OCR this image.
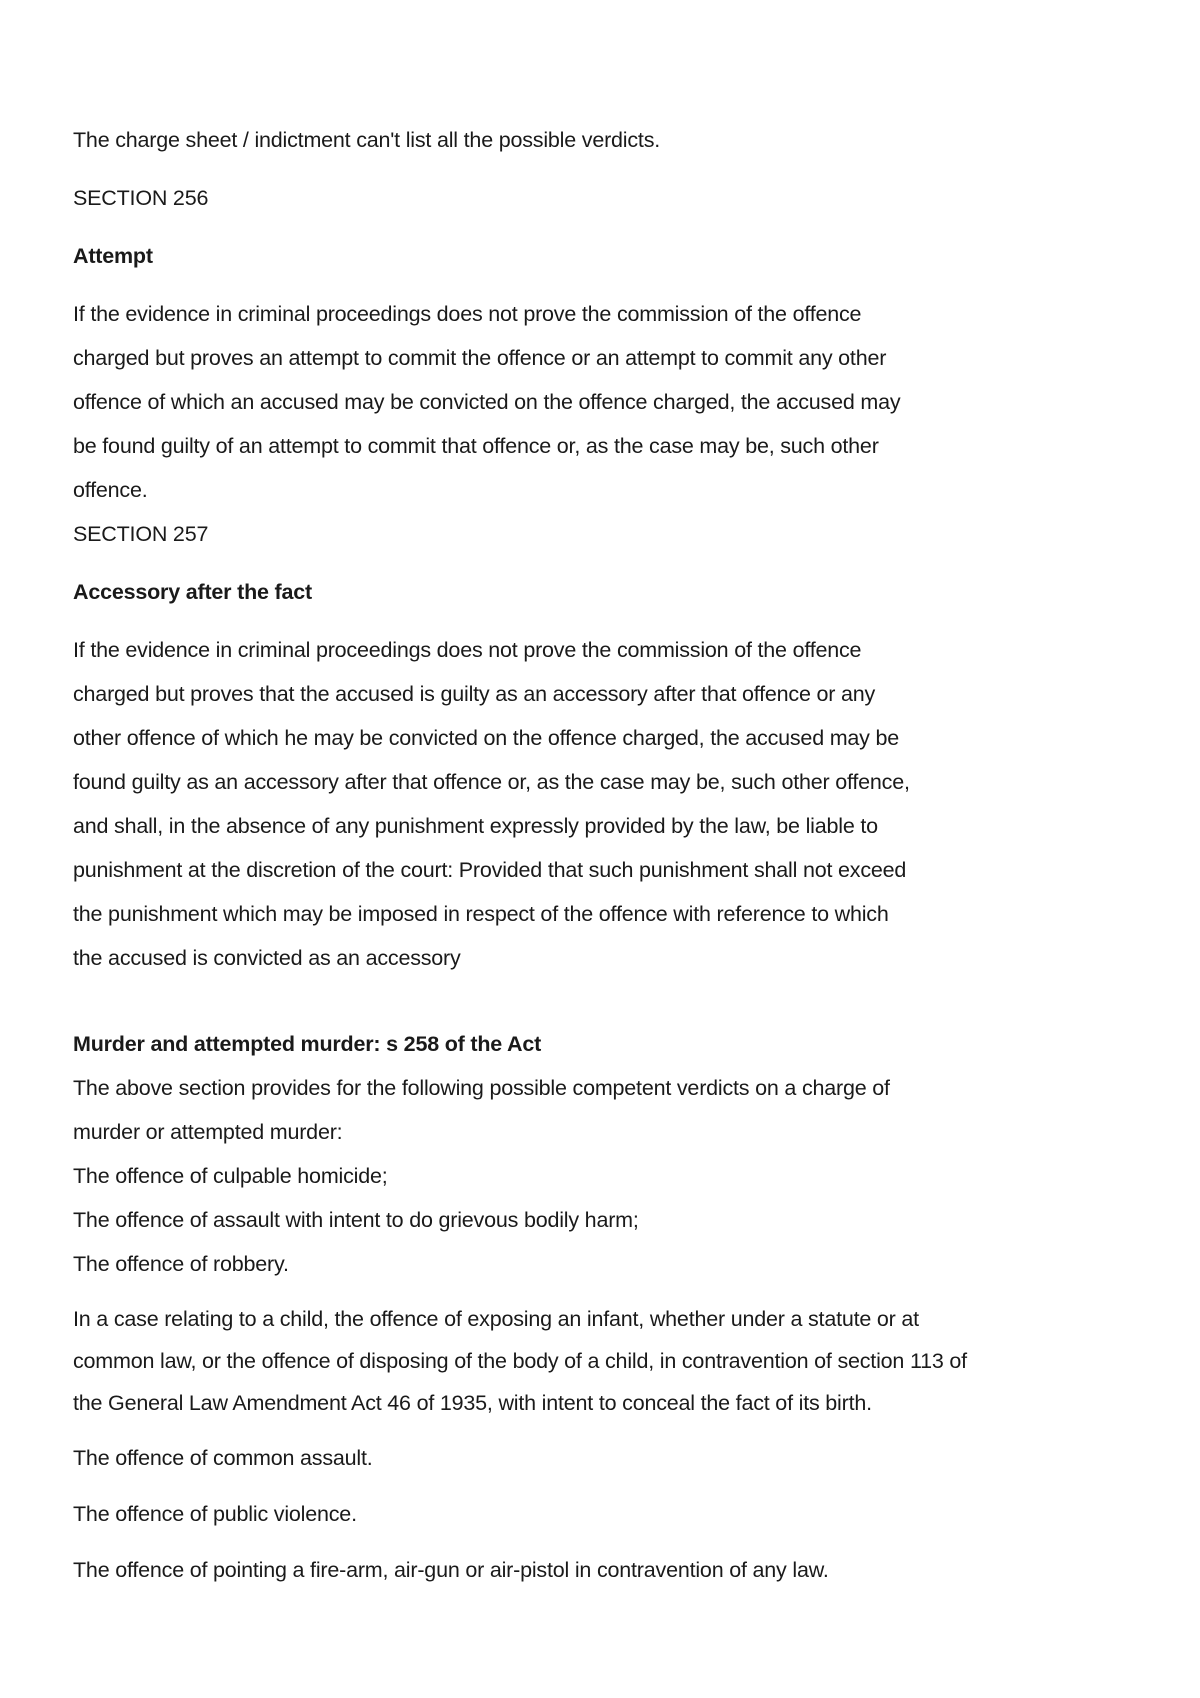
The charge sheet / indictment can't list all the possible verdicts.

SECTION 256

Attempt

If the evidence in criminal proceedings does not prove the commission of the offence
charged but proves an attempt to commit the offence or an attempt to commit any other
offence of which an accused may be convicted on the offence charged, the accused may
be found guilty of an attempt to commit that offence or, as the case may be, such other
offence.

SECTION 257

Accessory after the fact

If the evidence in criminal proceedings does not prove the commission of the offence
charged but proves that the accused is guilty as an accessory after that offence or any
other offence of which he may be convicted on the offence charged, the accused may be
found guilty as an accessory after that offence or, as the case may be, such other offence,
and shall, in the absence of any punishment expressly provided by the law, be liable to
punishment at the discretion of the court: Provided that such punishment shall not exceed
the punishment which may be imposed in respect of the offence with reference to which
the accused is convicted as an accessory

Murder and attempted murder: s 258 of the Act

The above section provides for the following possible competent verdicts on a charge of
murder or attempted murder:
The offence of culpable homicide;
The offence of assault with intent to do grievous bodily harm;
The offence of robbery.
In a case relating to a child, the offence of exposing an infant, whether under a statute or at
common law, or the offence of disposing of the body of a child, in contravention of section 113 of
the General Law Amendment Act 46 of 1935, with intent to conceal the fact of its birth.

The offence of common assault.

The offence of public violence.

The offence of pointing a fire-arm, air-gun or air-pistol in contravention of any law.
